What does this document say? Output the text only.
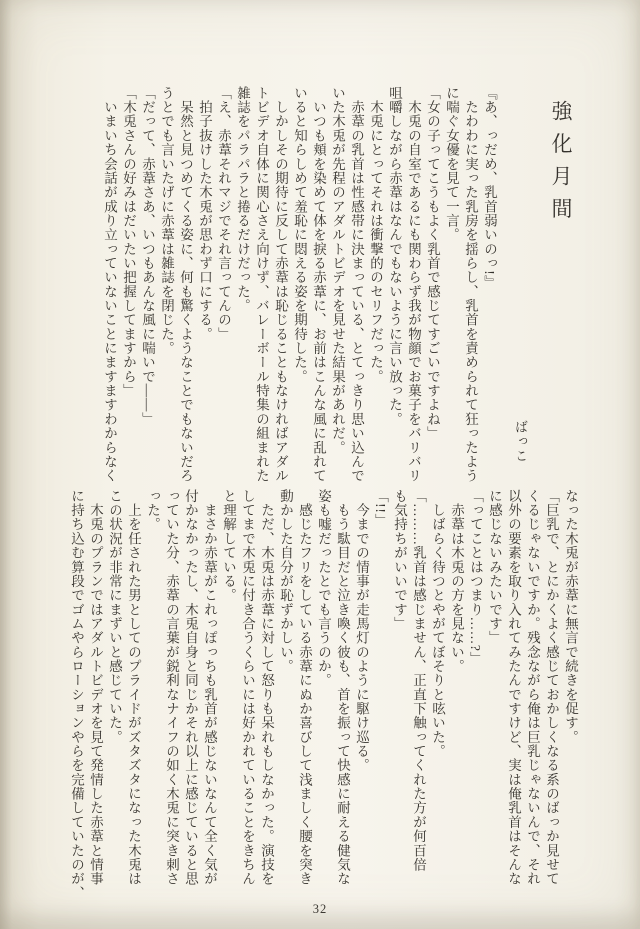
強化月間
ばっこ

『あ、っだめ、乳首弱いのっ!』

　たわわに実った乳房を揺らし、乳首を責められて狂ったよう

に喘ぐ女優を見て一言。

「女の子ってこうもよく乳首で感じてすごいですよね」

　木兎の自室であるにも関わらず我が物顔でお菓子をバリバリ

咀嚼しながら赤葦はなんでもないように言い放った。

　木兎にとってそれは衝撃的のセリフだった。

　赤葦の乳首は性感帯に決まっている、とてっきり思い込んで

いた木兎が先程のアダルトビデオを見せた結果があれだ。

　いつも頬を染めて体を捩る赤葦に、お前はこんな風に乱れて

いると知らしめて羞恥に悶える姿を期待した。

　しかしその期待に反して赤葦は恥じることもなければアダル

トビデオ自体に関心さえ向けず、バレーボール特集の組まれた

雑誌をパラパラと捲るだけだった。

「え、赤葦それマジでそれ言ってんの」

　拍子抜けした木兎が思わず口にする。

　呆然と見つめてくる姿に、何も驚くようなことでもないだろ

うとでも言いたげに赤葦は雑誌を閉じた。

「だって、赤葦さあ、いつもあんな風に喘いで――」

「木兎さんの好みはだいたい把握してますから」

　いまいち会話が成り立っていないことにますますわからなく

なった木兎が赤葦に無言で続きを促す。

「巨乳で、とにかくよく感じておかしくなる系のばっか見せて

くるじゃないですか。残念ながら俺は巨乳じゃないんで、それ

以外の要素を取り入れてみたんですけど、実は俺乳首はそんな

に感じないみたいです」

「ってことはつまり……?」

　赤葦は木兎の方を見ない。

　しばらく待つとやがてぼそりと呟いた。

「………乳首は感じません、正直下触ってくれた方が何百倍

も気持ちがいいです」

「!!」

　今までの情事が走馬灯のように駆け巡る。

　もう駄目だと泣き喚く彼も、首を振って快感に耐える健気な

姿も嘘だったとでも言うのか。

　感じたフリをしている赤葦にぬか喜びして浅ましく腰を突き

動かした自分が恥ずかしい。

　ただ、木兎は赤葦に対して怒りも呆れもしなかった。演技を

してまで木兎に付き合うくらいには好かれていることをきちん

と理解している。

　まさか赤葦がこれっぽっちも乳首が感じないなんて全く気が

付かなかったし、木兎自身と同じかそれ以上に感じていると思

っていた分、赤葦の言葉が鋭利なナイフの如く木兎に突き刺さ

った。

　上を任された男としてのプライドがズタズタになった木兎は

この状況が非常にまずいと感じていた。

　木兎のプランではアダルトビデオを見て発情した赤葦と情事

に持ち込む算段でゴムやらローションやらを完備していたのが、

32
